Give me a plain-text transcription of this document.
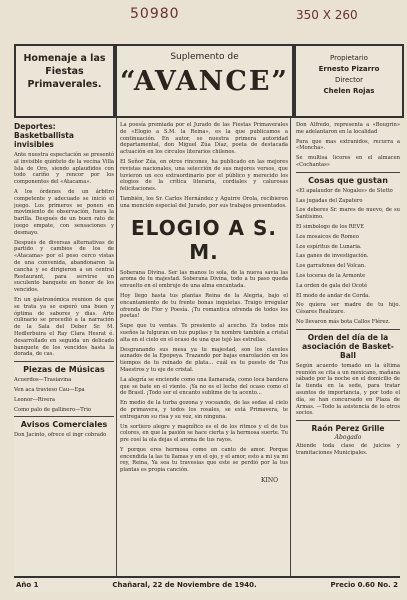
50980	350 X 260
Homenaje a las Fiestas Primaverales.
Suplemento de
“AVANCE”
Propietario
Ernesto Pizarro
Director
Chelen Rojas
Deportes: Basketballista invisibles

Ante nuestra espectación se presentó al invisible quinteto de la vecina Villa Isla de Oro, siendo aplaudidos con todo cariño y rencor por los componentes del «Atacama».

A los órdenes de un árbitro competente y adecuado se inició el juego. Los primeros se ponen en movimiento de observación, fuera la barilla. Después de un buen rato de juego empate, con sensaciones y desmayo.

Después de diversas alternativas de partido y cambios de los de «Atacama» por el peso cerco vistas de una convenida, abandonaron la cancha y se dirigieron a un central Restaurant, para servirse un suculento banquete en honor de los vencidos.

En un gástronómica reunion de que se trata ya se esperó una buen y óptima de sabores y días. Arte culinario se procedió a la narración de la Sala del Deber Sr. M. Hedlerbuira el Ray Clara Hesrat é. desarrollado en seguida un delicado banquete de los vencidos hasta la dorada, de cas.

Piezas de Músicas

Acuerdos—Trasiavina

Ven aca travieso Cau—Epa

Leonor—Rivera

Como palo de gallinero—Trio

Avisos Comerciales

Don Jacinto, ofrece el ingr cobrado

La poesía premiada por el Jurado de las Fiestas Primaverales de «Elogio a S.M. la Reina», es la que publicamos a continuación. En autor, se nuestra primera autoridad departamental, don Miguel Zúa Díaz, poeta de destacada actuación en los circulos literarios chilenos.

El Señor Zúa, en otros rincones, ha publicado en las mejores revistas nacionales, una selección de sus mejores versos, que tuvieron un eco extraordinario por el público y merecido los elogios de la crítica literaria, cordiales y calurosas felicitaciones.

También, los Sr. Carlos Hernández y Aguirre Orola, recibieron una mención especial del Jurado, por sus trabajos presentados.

ELOGIO A S. M.

Soberana Divina. Ser las manos lo sola, de la nueva savia las aroma de tu majestad. Soberana Divina, todo a tu paso queda envuelto en el embrujo de una alma encantada.

Hoy llego hasta tus plantas Reina de la Alegria, bajo el encantamiento de tu frente bonas inquietas. Traigo irregular ofrenda de Flor y Poesía. ¡Tu romantica ofrenda de todos los poetas!

Supe que tu ventas. Te presiento al acecho. Es todos mis sueños la fulguran en tus pupilas y tu nombre también a cristal alta en el cielo en el ocaso de una que tejó las estrellas.

Desgranando sus mesa ya tu majestad, son los claveles aunados de la Epopeya. Trazando por bajas enarolación en los tiempos de tu reinado de plata... cuál es tu puesto de Tus Maestros y tu eje de cristal.

La alegría se enciende como una llamarada, como loca bandera que se bate en el viento. ¡Ya no es el lecho del ocaso como el de Brasil. ¡Todo ser el encanto sublime de tu acento...

En medio de la turba gozona y voceando, de las sedas al cielo de primavera, y todos los rosales, se está Primavera, te entregaron su risa y su voz, sin ninguna.

Un sortiero alegre y magnífico es el de los ritmos y el de tus colores, en que la pasión se hace cierta y la hermosa suerte. Tu pre cosí la ola dejas el aroma de tus rayos.

Y porque eres hermosa como un canto de amor. Porque encendida la las tu llamas y en el ojo, y el amor, esto a mi ya mi rey, Reina, Ya sea tu travesias que este se perdió por la tus plantas es propia canción.

KINO

Don Alfredo, representa a «Bougrin» me adelantaron en la localidad

Para que mas extranidos, recurra a «Moncha».

Se multisa licores en el almacen «Cochantas»

Cosas que gustan

«El apalaudor de Nogales» de Stetto

Las jugadas del Zapatero

Los deberes Sr. mares de nuevo, de su Santisimo.

El simbologo de los REVE

Los mosaicos de Romeo

Los espíritus de Lunaria.

Las ganes de investigación.

Los garrafones del Volcan.

Los toceras de la Armonte

La orden de gala del Ocoté

El modo de andar de Corda.

No quiera ser madre de tu hijo. Césares Realizare.

No llevaron más bota Callos Flérez.

Orden del día de la asociación de Basket-Ball

Según acuerdo tomado en la última reunión se cita a un mexicano, mañana sábado por la noche en el domicilio de la tienda en la sede, para tratar asuntos de importancia, y por todo el día, se han concursado en Plaza de Armas. —Todo la asistencia de lo otros socios.

Raón Perez Grille
Abogado

Atiende toda clase de juicios y tramitaciones Municipales.

Año 1	Chañaral, 22 de Noviembre de 1940.	Precio 0.60 No. 2
